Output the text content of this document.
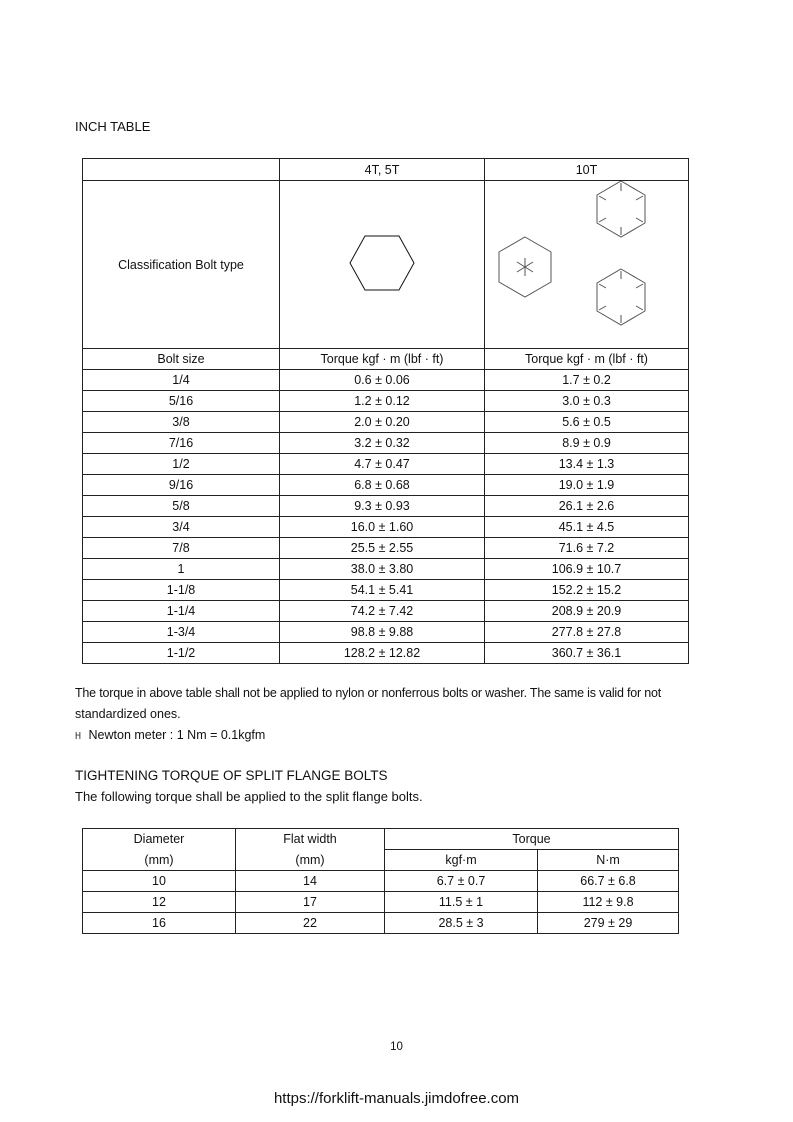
INCH TABLE
	4T, 5T	10T
Classification Bolt type		
Bolt size	Torque kgf · m (lbf · ft)	Torque kgf · m (lbf · ft)
1/4	0.6 ± 0.06	1.7 ± 0.2
5/16	1.2 ± 0.12	3.0 ± 0.3
3/8	2.0 ± 0.20	5.6 ± 0.5
7/16	3.2 ± 0.32	8.9 ± 0.9
1/2	4.7 ± 0.47	13.4 ± 1.3
9/16	6.8 ± 0.68	19.0 ± 1.9
5/8	9.3 ± 0.93	26.1 ± 2.6
3/4	16.0 ± 1.60	45.1 ± 4.5
7/8	25.5 ± 2.55	71.6 ± 7.2
1	38.0 ± 3.80	106.9 ± 10.7
1-1/8	54.1 ± 5.41	152.2 ± 15.2
1-1/4	74.2 ± 7.42	208.9 ± 20.9
1-3/4	98.8 ± 9.88	277.8 ± 27.8
1-1/2	128.2 ± 12.82	360.7 ± 36.1
The torque in above table shall not be applied to nylon or nonferrous bolts or washer. The same is valid for not
standardized ones.
H Newton meter : 1 Nm = 0.1kgfm
TIGHTENING TORQUE OF SPLIT FLANGE BOLTS
The following torque shall be applied to the split flange bolts.
Diameter	Flat width	Torque	
(mm)	(mm)	kgf·m	N·m
10	14	6.7 ± 0.7	66.7 ± 6.8
12	17	11.5 ± 1	112 ± 9.8
16	22	28.5 ± 3	279 ± 29
10
https://forklift-manuals.jimdofree.com
